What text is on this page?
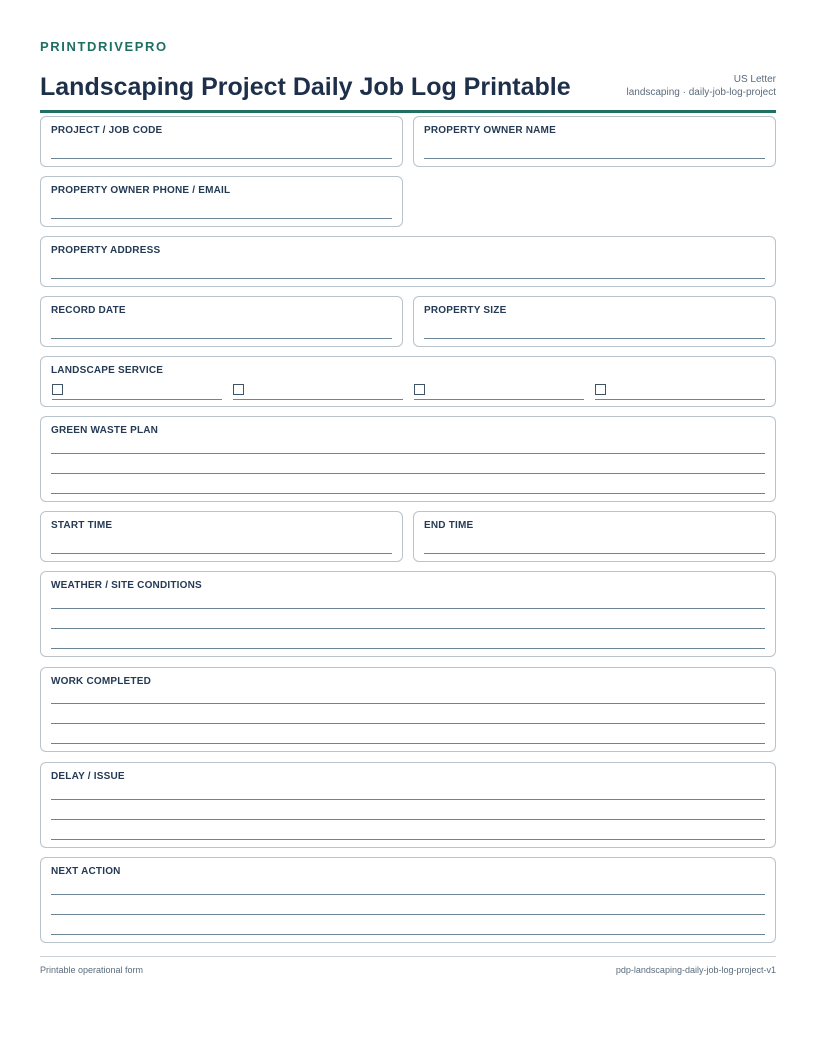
PRINTDRIVEPRO
Landscaping Project Daily Job Log Printable	US Letter
landscaping · daily-job-log-project
PROJECT / JOB CODE	PROPERTY OWNER NAME
PROPERTY OWNER PHONE / EMAIL
PROPERTY ADDRESS
RECORD DATE	PROPERTY SIZE
LANDSCAPE SERVICE
GREEN WASTE PLAN
START TIME	END TIME
WEATHER / SITE CONDITIONS
WORK COMPLETED
DELAY / ISSUE
NEXT ACTION
Printable operational form	pdp-landscaping-daily-job-log-project-v1
